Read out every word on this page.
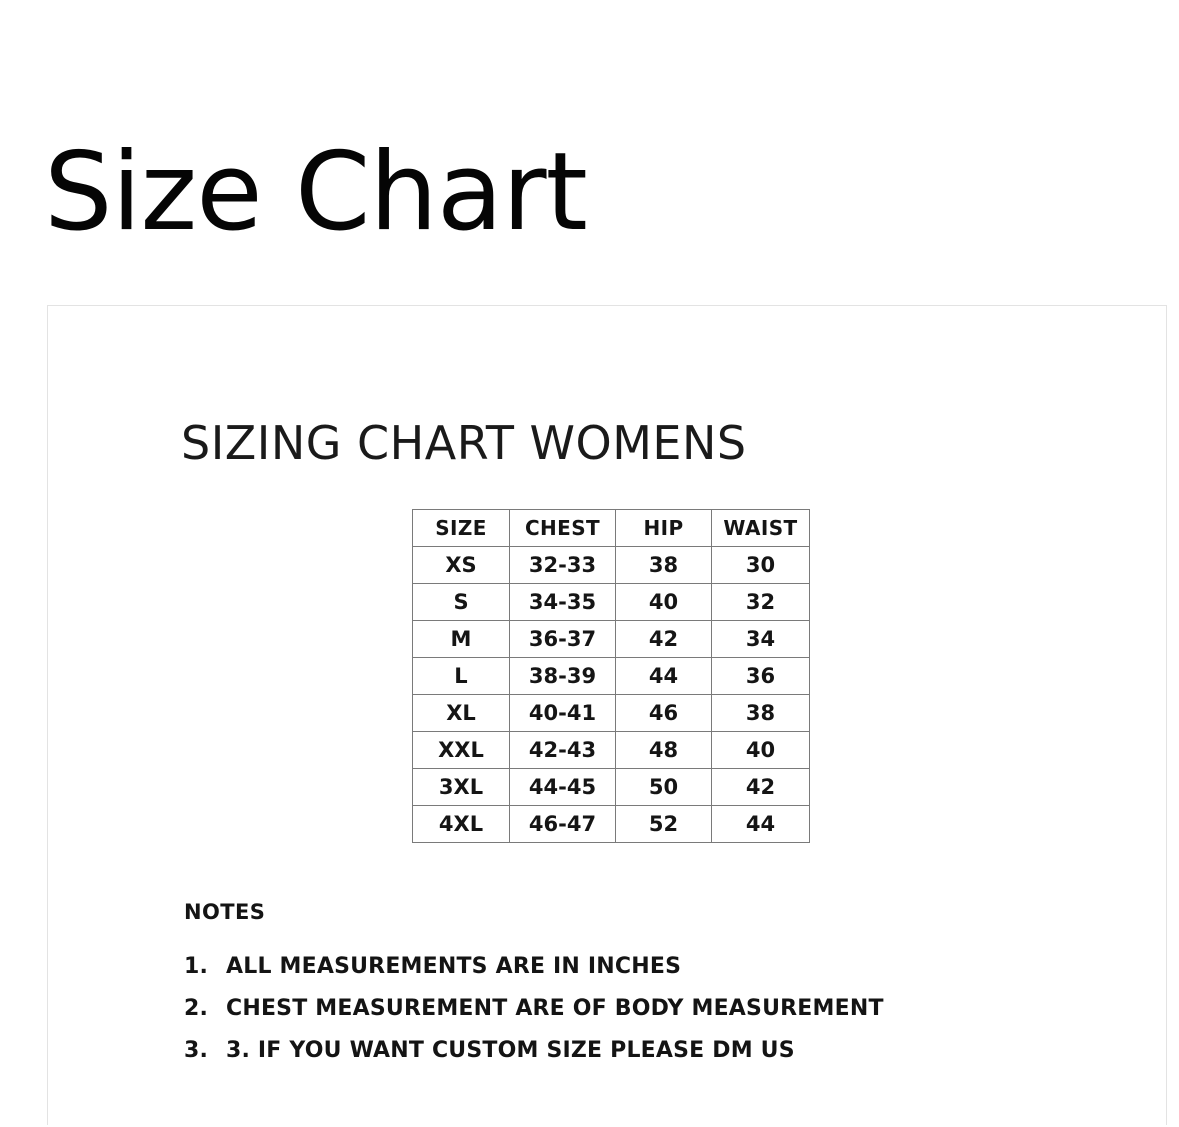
Size Chart
SIZING CHART WOMENS
SIZE	CHEST	HIP	WAIST
XS	32-33	38	30
S	34-35	40	32
M	36-37	42	34
L	38-39	44	36
XL	40-41	46	38
XXL	42-43	48	40
3XL	44-45	50	42
4XL	46-47	52	44
NOTES
1. ALL MEASUREMENTS ARE IN INCHES
2. CHEST MEASUREMENT ARE OF BODY MEASUREMENT
3. 3. IF YOU WANT CUSTOM SIZE PLEASE DM US
